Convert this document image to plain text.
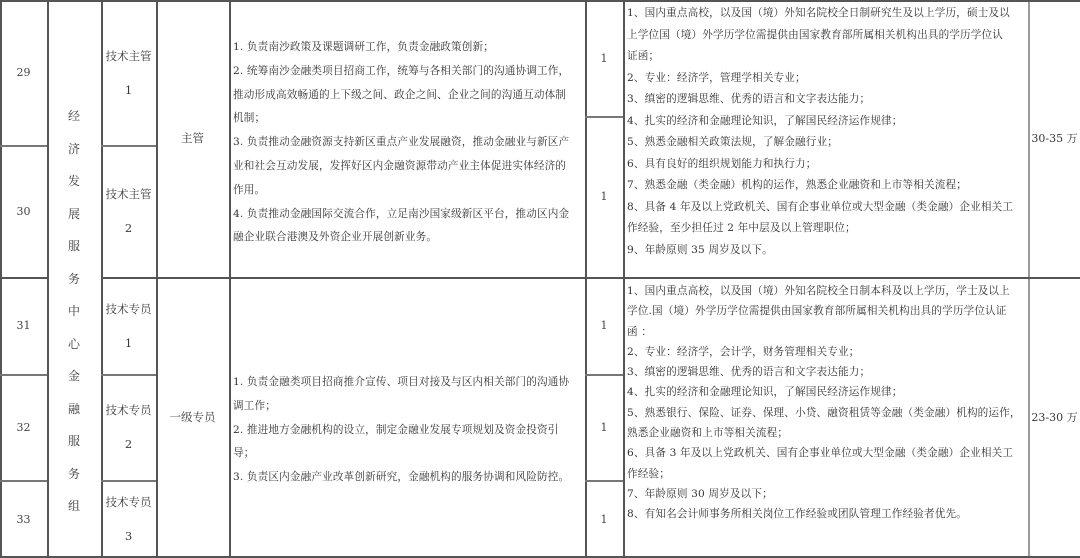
29
30
31
32
33
经
济
发
展
服
务
中
心
金
融
服
务
组
技术主管
1
技术主管
2
技术专员
1
技术专员
2
技术专员
3
主管
一级专员
1. 负责南沙政策及课题调研工作，负责金融政策创新；
2. 统筹南沙金融类项目招商工作，统筹与各相关部门的沟通协调工作，
推动形成高效畅通的上下级之间、政企之间、企业之间的沟通互动体制
机制；
3. 负责推动金融资源支持新区重点产业发展融资，推动金融业与新区产
业和社会互动发展，发挥好区内金融资源带动产业主体促进实体经济的
作用。
4. 负责推动金融国际交流合作，立足南沙国家级新区平台，推动区内金
融企业联合港澳及外资企业开展创新业务。
1. 负责金融类项目招商推介宣传、项目对接及与区内相关部门的沟通协
调工作；
2. 推进地方金融机构的设立，制定金融业发展专项规划及资金投资引
导；
3. 负责区内金融产业改革创新研究，金融机构的服务协调和风险防控。
1
1
1
1
1
1、国内重点高校，以及国（境）外知名院校全日制研究生及以上学历，硕士及以
上学位国（境）外学历学位需提供由国家教育部所属相关机构出具的学历学位认
证函；
2、专业：经济学，管理学相关专业；
3、缜密的逻辑思维、优秀的语言和文字表达能力；
4、扎实的经济和金融理论知识，了解国民经济运作规律；
5、熟悉金融相关政策法规，了解金融行业；
6、具有良好的组织规划能力和执行力；
7、熟悉金融（类金融）机构的运作，熟悉企业融资和上市等相关流程；
8、具备 4 年及以上党政机关、国有企事业单位或大型金融（类金融）企业相关工
作经验，至少担任过 2 年中层及以上管理职位；
9、年龄原则 35 周岁及以下。
1、国内重点高校，以及国（境）外知名院校全日制本科及以上学历，学士及以上
学位.国（境）外学历学位需提供由国家教育部所属相关机构出具的学历学位认证
函 ：
2、专业：经济学，会计学，财务管理相关专业；
3、缜密的逻辑思维、优秀的语言和文字表达能力；
4、扎实的经济和金融理论知识，了解国民经济运作规律；
5、熟悉银行、保险、证券、保理、小贷、融资租赁等金融（类金融）机构的运作，
熟悉企业融资和上市等相关流程；
6、具备 3 年及以上党政机关、国有企事业单位或大型金融（类金融）企业相关工
作经验；
7、年龄原则 30 周岁及以下；
8、有知名会计师事务所相关岗位工作经验或团队管理工作经验者优先。
30-35 万
23-30 万
